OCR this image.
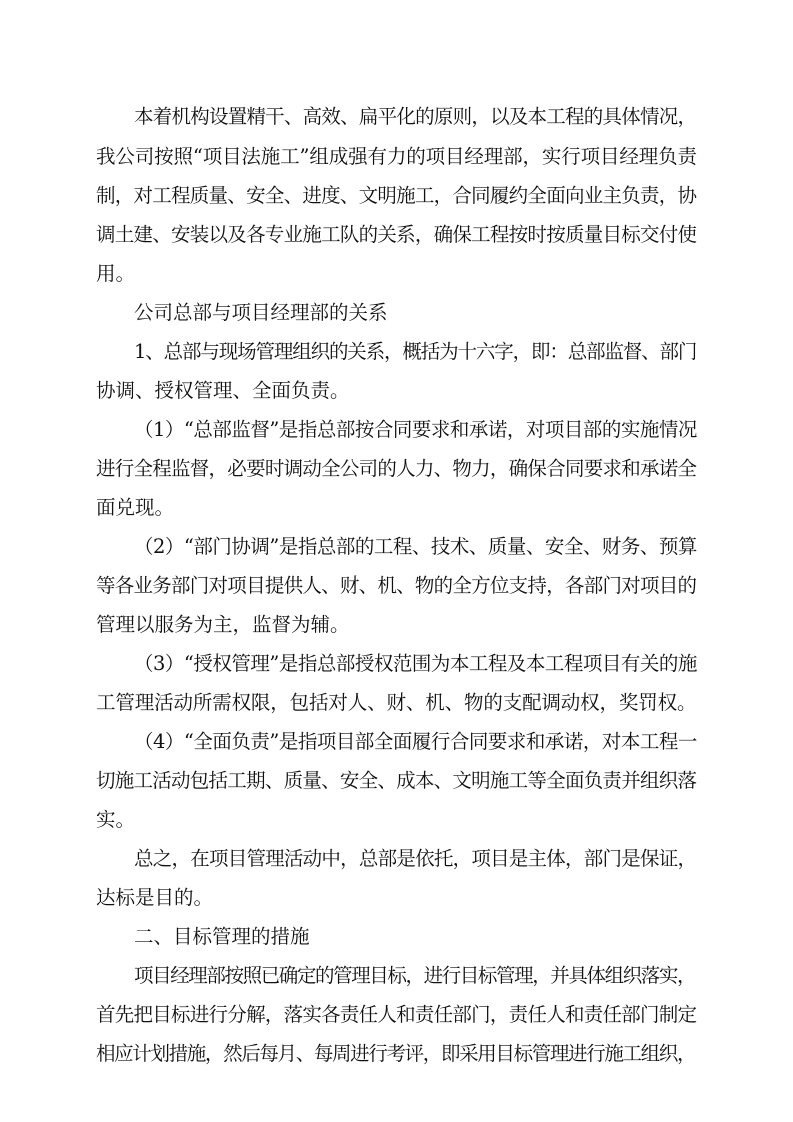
本着机构设置精干、高效、扁平化的原则，以及本工程的具体情况，
我公司按照“项目法施工”组成强有力的项目经理部，实行项目经理负责
制，对工程质量、安全、进度、文明施工，合同履约全面向业主负责，协
调土建、安装以及各专业施工队的关系，确保工程按时按质量目标交付使
用。
公司总部与项目经理部的关系
1、总部与现场管理组织的关系，概括为十六字，即：总部监督、部门
协调、授权管理、全面负责。
（1）“总部监督”是指总部按合同要求和承诺，对项目部的实施情况
进行全程监督，必要时调动全公司的人力、物力，确保合同要求和承诺全
面兑现。
（2）“部门协调”是指总部的工程、技术、质量、安全、财务、预算
等各业务部门对项目提供人、财、机、物的全方位支持，各部门对项目的
管理以服务为主，监督为辅。
（3）“授权管理”是指总部授权范围为本工程及本工程项目有关的施
工管理活动所需权限，包括对人、财、机、物的支配调动权，奖罚权。
（4）“全面负责”是指项目部全面履行合同要求和承诺，对本工程一
切施工活动包括工期、质量、安全、成本、文明施工等全面负责并组织落
实。
总之，在项目管理活动中，总部是依托，项目是主体，部门是保证，
达标是目的。
二、目标管理的措施
项目经理部按照已确定的管理目标，进行目标管理，并具体组织落实，
首先把目标进行分解，落实各责任人和责任部门，责任人和责任部门制定
相应计划措施，然后每月、每周进行考评，即采用目标管理进行施工组织，
